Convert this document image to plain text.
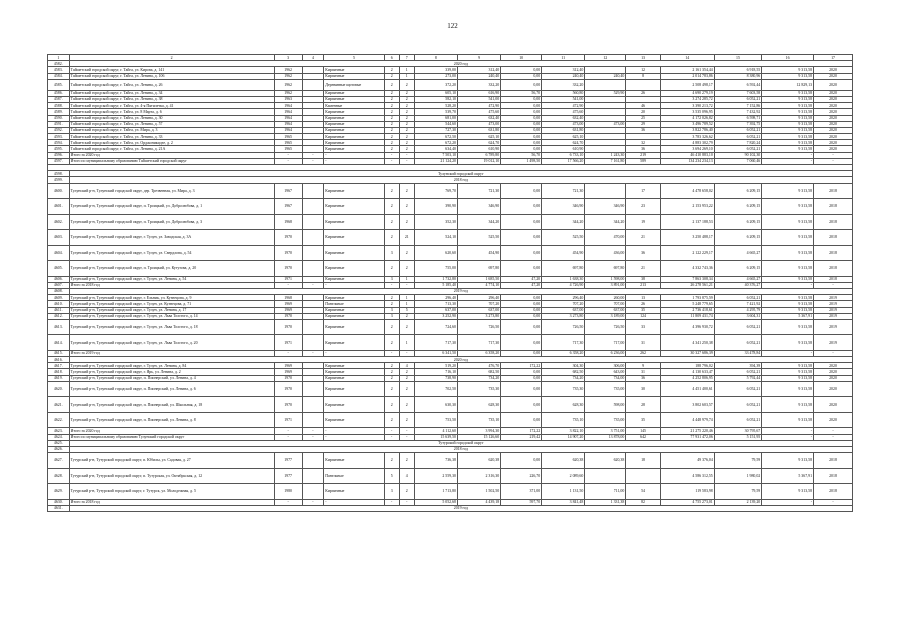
122
1	2	3	4	5	6	7	8	9	10	11	12	13	14	15	16	17
4582.	2020 год															
4583.	Тайшетский городской округ, г. Тайга, ул. Кирова, д. 141	1962		Кирпичные	2	1	339,00	312,40	0,00	312,40		12	2 161 354,44	6 918,55	9 313,58	2020
4584.	Тайшетский городской округ, г. Тайга, ул. Ленина, д. 106	1962		Кирпичные	2	1	273,00	240,40	0,00	240,40	240,40	8	2 014 783,86	8 380,96	9 313,58	2020
4585.	Тайшетский городской округ, г. Тайга, ул. Ленина, д. 26	1962		Деревянные щитовые	2	2	372,20	332,20	0,00	332,20			2 508 498,17	6 592,44	12 829,13	2020
4586.	Тайшетский городской округ, г. Тайга, ул. Ленина, д. 34	1962		Кирпичные	2	2	605,10	616,90	56,70	560,80	529,90	26	4 690 279,19	7 603,58	9 313,58	2020
4587.	Тайшетский городской округ, г. Тайга, ул. Ленина, д. 38	1963		Кирпичные	2	2	582,10	541,00	0,00	541,00			3 274 285,72	6 052,21	9 313,58	2020
4588.	Тайшетский городской округ, г. Тайга, ул. 4-я Пятилетка, д. 41	1964		Каменные	2	2	528,20	472,90	0,00	472,90		46	3 390 213,72	7 152,86	9 313,58	2020
4589.	Тайшетский городской округ, г. Тайга, ул. 8 Марта, д. 6	1964		Кирпичные	2	2	539,70	475,60	0,00	475,60		20	3 535 096,95	7 432,92	9 313,58	2020
4590.	Тайшетский городской округ, г. Тайга, ул. Ленина, д. 30	1964		Кирпичные	2	2	681,00	632,40	0,00	632,40		25	4 172 026,82	6 598,71	9 313,58	2020
4591.	Тайшетский городской округ, г. Тайга, ул. Ленина, д. 57	1964		Кирпичные	2	2	544,60	473,00	0,00	473,00	473,00	29	3 496 789,52	7 392,75	9 313,58	2020
4592.	Тайшетский городской округ, г. Тайга, ул. Мира, д. 3	1964		Кирпичные	2	2	727,30	631,80	0,00	631,80		36	3 822 786,40	6 052,21	9 313,58	2020
4593.	Тайшетский городской округ, г. Тайга, ул. Ленина, д. 33	1965		Кирпичные	2	2	672,50	625,10	0,00	625,10			3 783 326,62	6 052,21	9 313,58	2020
4594.	Тайшетский городской округ, г. Тайга, ул. Орджоникидзе, д. 2	1965		Кирпичные	2	2	672,20	624,70	0,00	624,70		32	4 883 302,79	7 820,24	9 313,58	2020
4595.	Тайшетский городской округ, г. Тайга, ул. Ленина, д. 21А	1965		Кирпичные	2	2	634,40	610,90	0,00	610,90		36	3 694 269,10	6 052,21	9 313,58	2020
4596.	Итого за 2020 год	-	-	-	-	-	7 503,10	6 789,80	56,70	6 733,10	1 243,30	219	46 410 883,10	90 102,30	-	-
4597.	Итого по муниципальному образованию Тайшетский городской округ	-	-	-	-	-	21 124,20	19 012,10	1 498,50	17 566,20	7 161,80	589	134 234 234,13	7 060,46	-	-

4598.	Тулунский городской округ															
4599.	2018 год															
4600.	Тулунский р-н, Тулунский городской округ, дер. Трезвенная, ул. Мира, д. 3	1967		Кирпичные	2	2	769,70	721,30	0,00	721,30		17	4 478 658,02	6 209,15	9 313,58	2018
4601.	Тулунский р-н, Тулунский городской округ, п. Троицкий, ул. Добролюбова, д. 1	1967		Кирпичные	2	2	390,90	346,90	0,00	346,90	346,90	23	2 153 953,22	6 209,15	9 313,58	2018
4602.	Тулунский р-н, Тулунский городской округ, п. Троицкий, ул. Добролюбова, д. 3	1968		Кирпичные	2	2	352,30	344,20	0,00	344,20	344,20	19	2 137 188,53	6 209,15	9 313,58	2018
4603.	Тулунский р-н, Тулунский городской округ, г. Тулун, ул. Заводская, д. 3А	1970		Кирпичные	2	21	524,10	525,50	0,00	525,50	470,00	21	3 250 488,17	6 209,15	9 313,58	2018
4604.	Тулунский р-н, Тулунский городской округ, г. Тулун, ул. Свердлова, д. 54	1970		Кирпичные	3	2	620,60	454,90	0,00	454,90	436,00	36	2 122 229,17	4 665,27	9 313,58	2018
4605.	Тулунский р-н, Тулунский городской округ, п. Троицкий, ул. Кутузова, д. 20	1970		Кирпичные	2	2	755,00	697,80	0,00	697,80	697,80	21	4 332 743,36	6 209,15	9 313,58	2018
4606.	Тулунский р-н, Тулунский городской округ, г. Тулун, ул. Ленина, д. 54	1971		Кирпичные	3	1	1 732,80	1 685,50	47,20	1 638,30	1 598,00	38	7 863 308,34	4 665,27	9 313,58	2018
4607.	Итого за 2018 год	-	-	-	-	-	5 185,40	4 774,10	47,20	4 726,90	3 891,00	213	26 278 561,21	40 376,27	-	-
4608.	2019 год															
4609.	Тулунский р-н, Тулунский городской округ, г. Ельник, ул. Кузнецова, д. 9	1968		Кирпичные	2	1	296,40	296,40	0,00	296,40	260,00	13	1 793 875,59	6 052,21	9 313,58	2019
4610.	Тулунский р-н, Тулунский городской округ, г. Тулун, ул. Кузнецова, д. 71	1969		Панельные	2	1	713,30	707,20	0,00	707,20	707,00	26	5 248 779,65	7 421,92	9 313,58	2019
4611.	Тулунский р-н, Тулунский городской округ, г. Тулун, ул. Ленина, д. 17	1969		Кирпичные	3	5	637,00	637,00	0,00	637,00	637,00	35	2 736 418,61	4 295,79	9 313,58	2019
4612.	Тулунский р-н, Тулунский городской округ, г. Тулун, ул. Льва Толстого, д. 14	1970		Кирпичные	3	2	3 252,90	3 273,80	0,00	3 273,80	3 189,00	124	11 809 431,74	3 604,31	5 367,91	2019
4613.	Тулунский р-н, Тулунский городской округ, г. Тулун, ул. Льва Толстого, д. 18	1970		Кирпичные	2	2	724,60	726,50	0,00	726,50	726,50	33	4 396 930,72	6 052,21	9 313,58	2019
4614.	Тулунский р-н, Тулунский городской округ, г. Тулун, ул. Льва Толстого, д. 20	1971		Кирпичные	2	1	717,30	717,30	0,00	717,30	717,00	31	4 341 250,38	6 052,21	9 313,58	2019
4615.	Итого за 2019 год	-	-	-	-	-	6 341,50	6 358,20	0,00	6 358,20	6 236,00	262	30 327 686,39	33 478,84	-	-
4616.	2020 год															
4617.	Тулунский р-н, Тулунский городской округ, г. Тулун, ул. Ленина, д. 84	1969		Кирпичные	2	4	519,20	476,70	172,22	304,30	306,00	9	188 796,02	394,39	9 313,58	2020
4618.	Тулунский р-н, Тулунский городской округ, г. Ярь, ул. Ленина, д. 2	1969		Кирпичные	2	2	716,10	682,50	0,00	682,50	643,00	31	4 130 633,47	6 052,21	9 313,58	2020
4619.	Тулунский р-н, Тулунский городской округ, п. Пионерский, ул. Ленина, д. 4	1970		Кирпичные	2	2	738,90	734,20	0,00	734,20	734,00	36	4 252 806,95	5 792,44	9 313,58	2020
4620.	Тулунский р-н, Тулунский городской округ, п. Пионерский, ул. Ленина, д. 6	1970		Кирпичные	2	2	702,50	735,30	0,00	735,30	735,00	30	4 451 400,61	6 052,21	9 313,58	2020
4621.	Тулунский р-н, Тулунский городской округ, п. Пионерский, ул. Школьная, д. 18	1970		Кирпичные	2	2	630,30	628,30	0,00	628,30	598,00	28	3 802 603,57	6 052,21	9 313,58	2020
4622.	Тулунский р-н, Тулунский городской округ, п. Пионерский, ул. Ленина, д. 8	1971		Кирпичные	2	2	753,50	735,10	0,00	735,10	735,00	35	4 448 979,74	6 052,21	9 313,58	2020
4623.	Итого за 2020 год	-	-	-	-	-	4 112,60	3 994,30	172,22	3 822,10	3 751,00	145	21 275 220,46	30 795,67	-	-
4624.	Итого по муниципальному образованию Тулунский городской округ	-	-	-	-	-	15 639,50	15 126,60	219,42	14 907,20	13 878,00	642	77 931 472,06	5 151,95	-	-
4625.	Тутурский городской округ															
4626.	2018 год															
4627.	Тутурский р-н, Тутурский городской округ, п. Юбилы, ул. Садовая, д. 27	1977		Кирпичные	2	2	736,38	620,38	0,00	620,38	620,38	18	49 376,04	79,59	9 313,58	2018
4628.	Тутурский р-н, Тутурский городской округ, п. Тутурская, ул. Октябрьская, д. 12	1977		Панельные	5	4	2 559,30	2 316,30	226,70	2 089,60			4 586 312,55	1 980,02	5 367,91	2018
4629.	Тутурский р-н, Тутурский городской округ, г. Тутурск, ул. Молодежная, д. 5	1980		Кирпичные	3	2	1 713,80	1 502,50	371,00	1 131,50	711,00	54	119 583,98	79,59	9 313,58	2018
4630.	Итого за 2018 год	-	-	-	-	-	5 052,68	4 439,18	597,70	3 841,48	1 331,38	82	4 755 273,01	2 139,20	-	-
4631.	2019 год															
